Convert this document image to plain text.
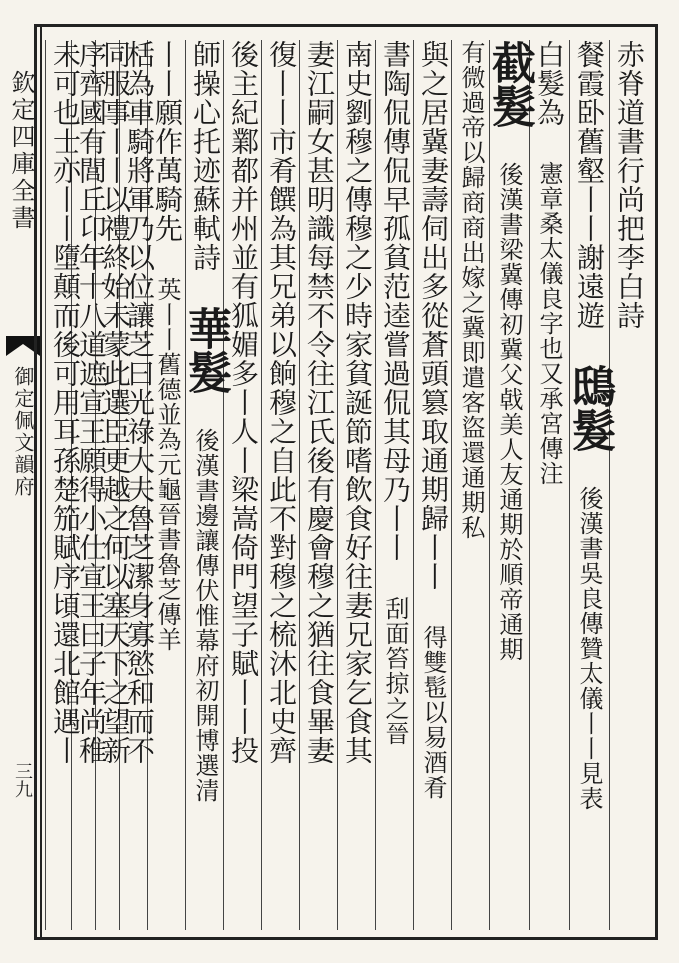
欽定四庫全書
御定佩文韻府
三九
赤脊道書行尚把李白詩
餐霞卧舊壑丨丨謝遠遊 鴟髮 後漢書吳良傳贊太儀丨丨見表
白髮為 憲章桑太儀良字也又承宮傳注
截髮 後漢書梁冀傳初冀父㦸美人友通期於順帝通期
有微過帝以歸商商出嫁之冀即遣客盜還通期私
與之居冀妻壽伺出多從蒼頭篡取通期歸丨丨 得雙髢以易酒肴
書陶侃傳侃早孤貧范逵嘗過侃其母乃丨丨 刮面笞掠之晉
南史劉穆之傳穆之少時家貧誕節嗜飲食好往妻兄家乞食其
妻江嗣女甚明識每禁不令往江氏後有慶會穆之猶往食畢妻
復丨丨市肴饌為其兄弟以餉穆之自此不對穆之梳沐北史齊
後主紀鄴都并州並有狐媚多丨人丨梁嵩倚門望子賦丨丨投
師操心托迹蘇軾詩 華髮 後漢書邊讓傳伏惟幕府初開博選清
丨丨願作萬騎先 英丨丨舊德並為元龜晉書魯芝傳羊
栝為車騎將軍乃以位讓芝曰光祿大夫魯芝潔身寡慾和而不
同服事丨丨以禮終始未蒙此選臣更越之何以塞天下之望新
序齊國有閭丘卬年十八道遮宣王願得小仕宣王曰子年尚稚
未可也士亦丨丨墮顛而後可用耳孫楚笳賦序頃還北館遇丨
